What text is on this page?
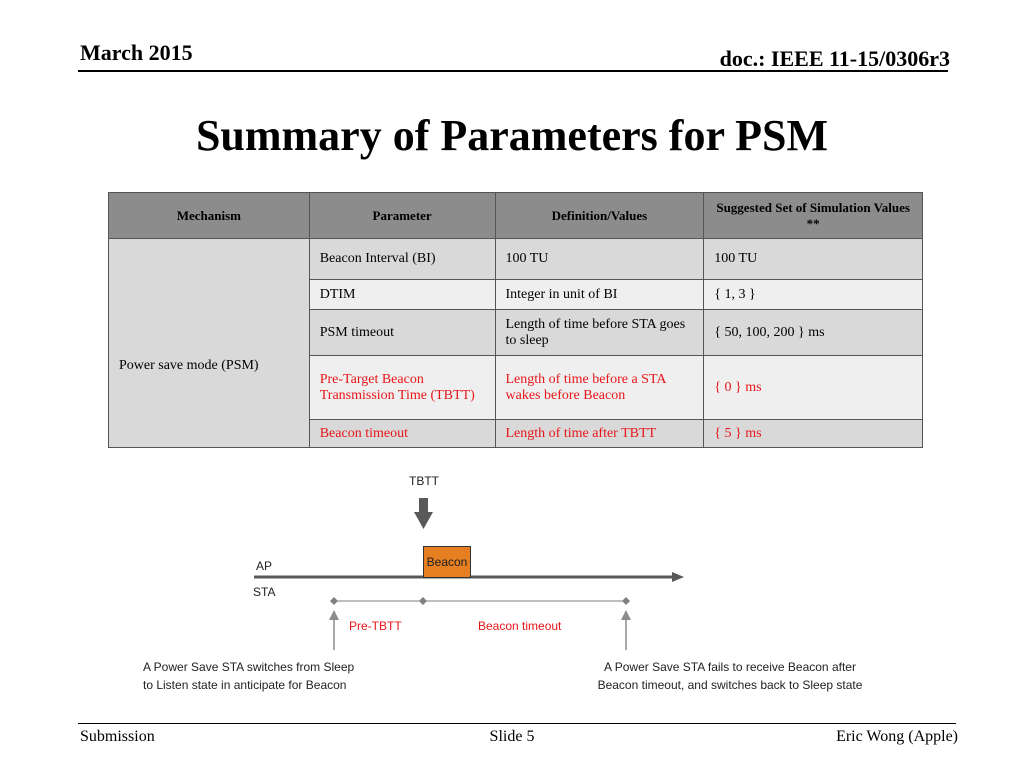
March 2015	doc.: IEEE 11-15/0306r3
Summary of Parameters for PSM
Mechanism	Parameter	Definition/Values	Suggested Set of Simulation Values **
Power save mode (PSM)	Beacon Interval (BI)	100 TU	100 TU
	DTIM	Integer in unit of BI	{ 1, 3 }
	PSM timeout	Length of time before STA goes to sleep	{ 50, 100, 200 } ms
	Pre-Target Beacon Transmission Time (TBTT)	Length of time before a STA wakes before Beacon	{ 0 } ms
	Beacon timeout	Length of time after TBTT	{ 5 } ms
TBTT
Beacon
AP
STA
Pre-TBTT	Beacon timeout
A Power Save STA switches from Sleep
to Listen state in anticipate for Beacon
A Power Save STA fails to receive Beacon after
Beacon timeout, and switches back to Sleep state
Submission	Slide 5	Eric Wong (Apple)
